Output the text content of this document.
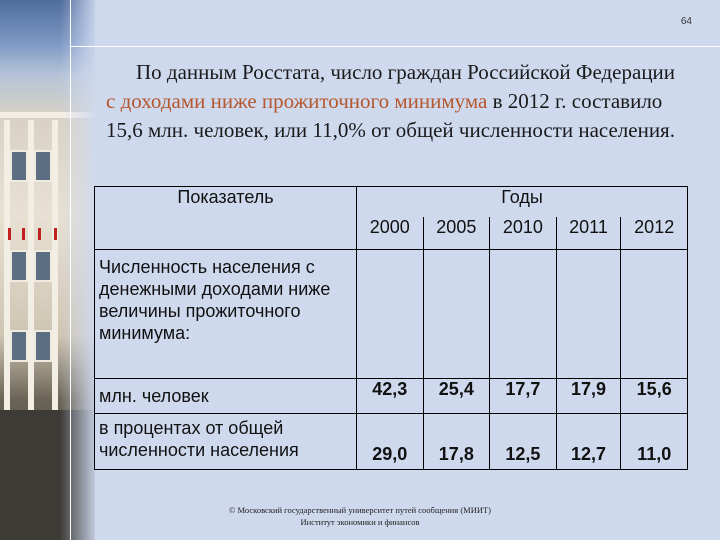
64
По данным Росстата, число граждан Российской Федерации с доходами ниже прожиточного минимума в 2012 г. составило 15,6 млн. человек, или 11,0% от общей численности населения.
Показатель	Годы				
	2000	2005	2010	2011	2012
Численность населения с денежными доходами ниже величины прожиточного минимума:					
млн. человек	42,3	25,4	17,7	17,9	15,6
в процентах от общей численности населения	29,0	17,8	12,5	12,7	11,0
© Московский государственный университет путей сообщения (МИИТ)
Институт экономики и финансов
